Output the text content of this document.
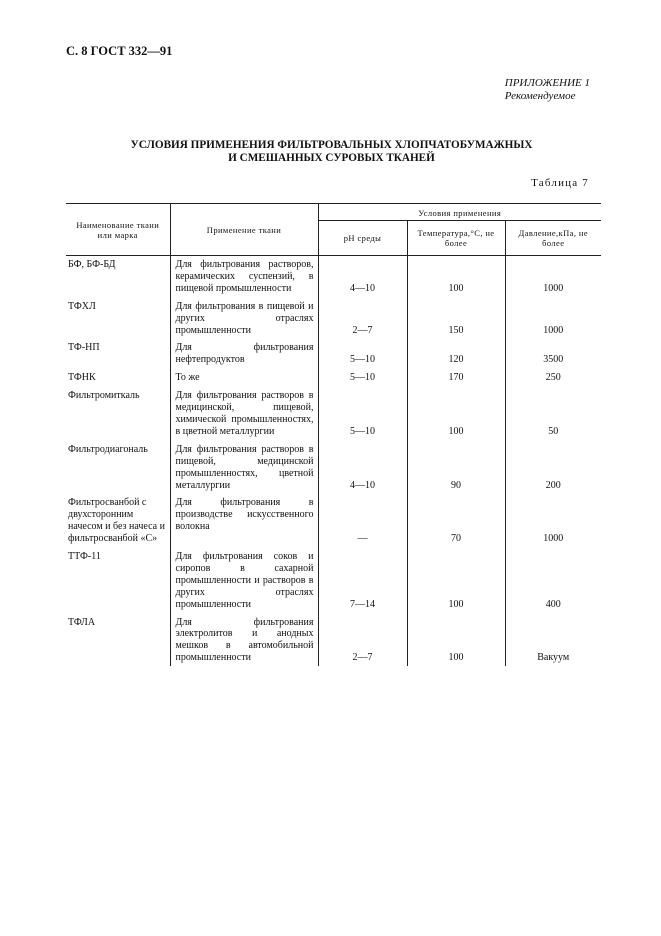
С. 8 ГОСТ 332—91
ПРИЛОЖЕНИЕ 1
Рекомендуемое
УСЛОВИЯ ПРИМЕНЕНИЯ ФИЛЬТРОВАЛЬНЫХ ХЛОПЧАТОБУМАЖНЫХ
И СМЕШАННЫХ СУРОВЫХ ТКАНЕЙ
Таблица 7
Наименование ткани или марка	Применение ткани	Условия применения		
		pH среды	Температура,°С, не более	Давление,кПа, не более
БФ, БФ-БД	Для фильтрования растворов, керамических суспензий, в пищевой промышленности	4—10	100	1000
ТФХЛ	Для фильтрования в пищевой и других отраслях промышленности	2—7	150	1000
ТФ-НП	Для фильтрования нефтепродуктов	5—10	120	3500
ТФНК	То же	5—10	170	250
Фильтромиткаль	Для фильтрования растворов в медицинской, пищевой, химической промышленностях, в цветной металлургии	5—10	100	50
Фильтродиагональ	Для фильтрования растворов в пищевой, медицинской промышленностях, цветной металлургии	4—10	90	200
Фильтросванбой с двухсторонним начесом и без начеса и фильтросванбой «С»	Для фильтрования в производстве искусственного волокна	—	70	1000
ТТФ-11	Для фильтрования соков и сиропов в сахарной промышленности и растворов в других отраслях промышленности	7—14	100	400
ТФЛА	Для фильтрования электролитов и анодных мешков в автомобильной промышленности	2—7	100	Вакуум
